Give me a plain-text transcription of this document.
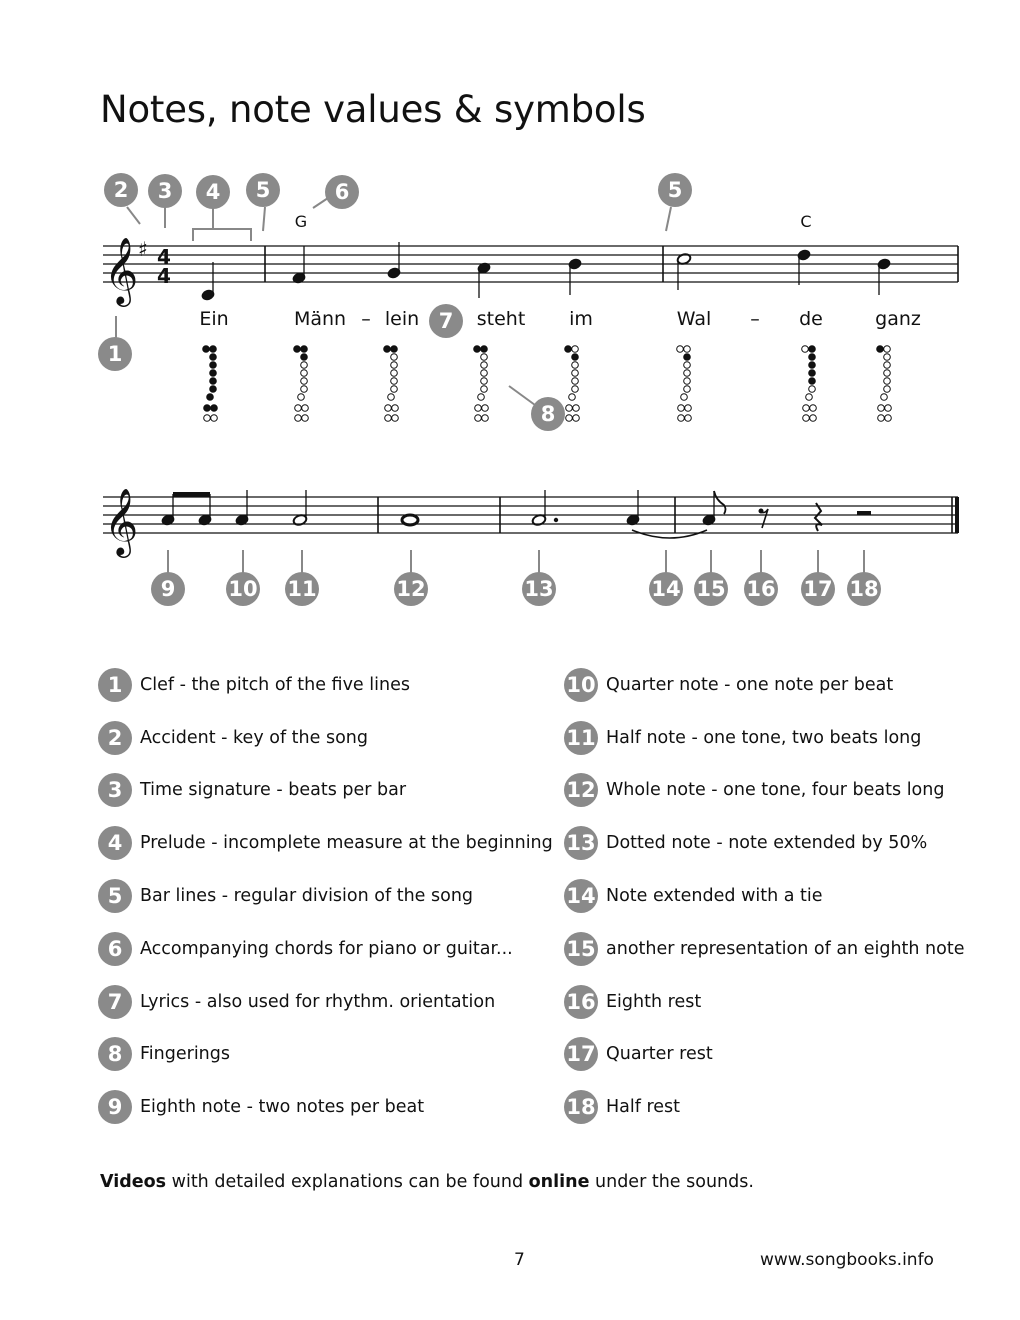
Notes, note values & symbols
𝄞
𝄞
♯ 4
4
G	C
Ein	Männ – lein	steht im	Wal – de	ganz
2	3	4	5	6	5
7
1
8
9	10 11	12	13	14 15 16 17 18
1	Clef - the pitch of the five lines
2	Accident - key of the song
3	Time signature - beats per bar
4	Prelude - incomplete measure at the beginning
5	Bar lines - regular division of the song
6	Accompanying chords for piano or guitar...
7	Lyrics - also used for rhythm. orientation
8	Fingerings
9	Eighth note - two notes per beat
10 Quarter note - one note per beat
11 Half note - one tone, two beats long
12 Whole note - one tone, four beats long
13 Dotted note - note extended by 50%
14 Note extended with a tie
15 another representation of an eighth note
16 Eighth rest
17 Quarter rest
18 Half rest
Videos with detailed explanations can be found online under the sounds.
7	www.songbooks.info
